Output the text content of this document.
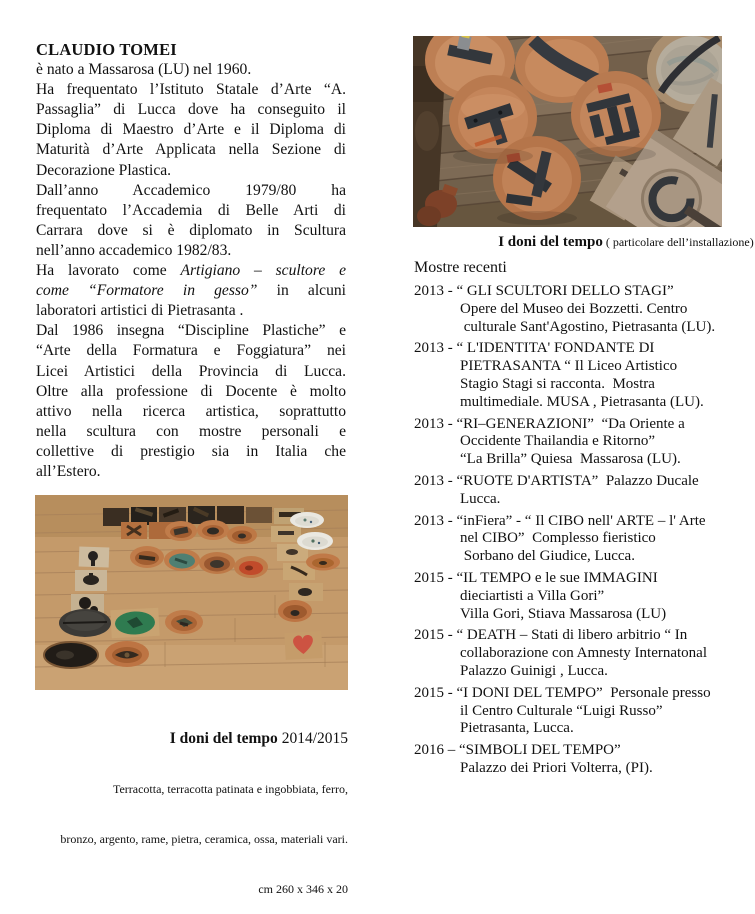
CLAUDIO TOMEI
è nato a Massarosa (LU) nel 1960.
Ha frequentato l’Istituto Statale d’Arte “A.
Passaglia” di Lucca dove ha conseguito il
Diploma di Maestro d’Arte e il Diploma di
Maturità d’Arte Applicata nella Sezione di
Decorazione Plastica.
Dall’anno Accademico 1979/80 ha
frequentato l’Accademia di Belle Arti di
Carrara dove si è diplomato in Scultura
nell’anno accademico 1982/83.
Ha lavorato come Artigiano – scultore e
come “Formatore in gesso” in alcuni
laboratori artistici di Pietrasanta .
Dal 1986 insegna “Discipline Plastiche” e
“Arte della Formatura e Foggiatura” nei
Licei Artistici della Provincia di Lucca.
Oltre alla professione di Docente è molto
attivo nella ricerca artistica, soprattutto
nella scultura con mostre personali e
collettive di prestigio sia in Italia che
all’Estero.

I doni del tempo 2014/2015

Terracotta, terracotta patinata e ingobbiata, ferro,

bronzo, argento, rame, pietra, ceramica, ossa, materiali vari.

cm 260 x 346 x 20

I doni del tempo ( particolare dell’installazione)
Mostre recenti
2013 - “ GLI SCULTORI DELLO STAGI”
Opere del Museo dei Bozzetti. Centro
culturale Sant'Agostino, Pietrasanta (LU).
2013 - “ L'IDENTITA' FONDANTE DI
PIETRASANTA “ Il Liceo Artistico
Stagio Stagi si racconta.  Mostra
multimediale. MUSA , Pietrasanta (LU).
2013 - “RI–GENERAZIONI”  “Da Oriente a
Occidente Thailandia e Ritorno”
“La Brilla” Quiesa  Massarosa (LU).
2013 - “RUOTE D'ARTISTA”  Palazzo Ducale
Lucca.
2013 - “inFiera” - “ Il CIBO nell' ARTE – l' Arte
nel CIBO”  Complesso fieristico
Sorbano del Giudice, Lucca.
2015 - “IL TEMPO e le sue IMMAGINI
dieciartisti a Villa Gori”
Villa Gori, Stiava Massarosa (LU)
2015 - “ DEATH – Stati di libero arbitrio “ In
collaborazione con Amnesty Internatonal
Palazzo Guinigi , Lucca.
2015 - “I DONI DEL TEMPO”  Personale presso
il Centro Culturale “Luigi Russo”
Pietrasanta, Lucca.
2016 – “SIMBOLI DEL TEMPO”
Palazzo dei Priori Volterra, (PI).
